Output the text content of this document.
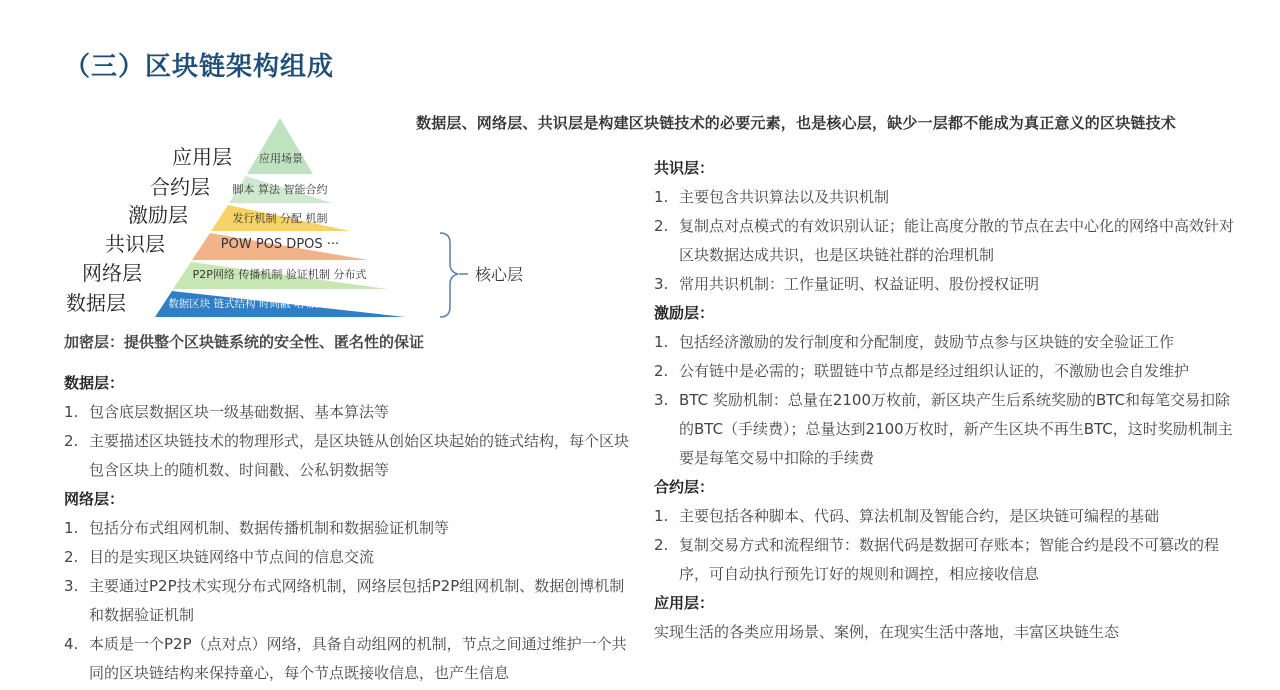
（三）区块链架构组成
数据层、网络层、共识层是构建区块链技术的必要元素，也是核心层，缺少一层都不能成为真正意义的区块链技术
应用层
合约层
激励层
共识层
网络层
数据层
应用场景
脚本 算法 智能合约
发行机制 分配 机制
POW POS DPOS ···
P2P网络 传播机制 验证机制 分布式
数据区块 链式结构 时间戳 哈希函数 非对称加密
核心层
加密层：提供整个区块链系统的安全性、匿名性的保证

数据层：

1. 包含底层数据区块一级基础数据、基本算法等
2. 主要描述区块链技术的物理形式，是区块链从创始区块起始的链式结构，每个区块包含区块上的随机数、时间戳、公私钥数据等

网络层：

1. 包括分布式组网机制、数据传播机制和数据验证机制等
2. 目的是实现区块链网络中节点间的信息交流
3. 主要通过P2P技术实现分布式网络机制，网络层包括P2P组网机制、数据创博机制和数据验证机制
4. 本质是一个P2P（点对点）网络，具备自动组网的机制，节点之间通过维护一个共同的区块链结构来保持童心，每个节点既接收信息，也产生信息

共识层：

1. 主要包含共识算法以及共识机制
2. 复制点对点模式的有效识别认证；能让高度分散的节点在去中心化的网络中高效针对区块数据达成共识，也是区块链社群的治理机制
3. 常用共识机制：工作量证明、权益证明、股份授权证明

激励层：

1. 包括经济激励的发行制度和分配制度，鼓励节点参与区块链的安全验证工作
2. 公有链中是必需的；联盟链中节点都是经过组织认证的，不激励也会自发维护
3. BTC 奖励机制：总量在2100万枚前，新区块产生后系统奖励的BTC和每笔交易扣除的BTC（手续费）；总量达到2100万枚时，新产生区块不再生BTC，这时奖励机制主要是每笔交易中扣除的手续费

合约层：

1. 主要包括各种脚本、代码、算法机制及智能合约，是区块链可编程的基础
2. 复制交易方式和流程细节：数据代码是数据可存账本；智能合约是段不可篡改的程序，可自动执行预先订好的规则和调控，相应接收信息

应用层：

实现生活的各类应用场景、案例，在现实生活中落地，丰富区块链生态
